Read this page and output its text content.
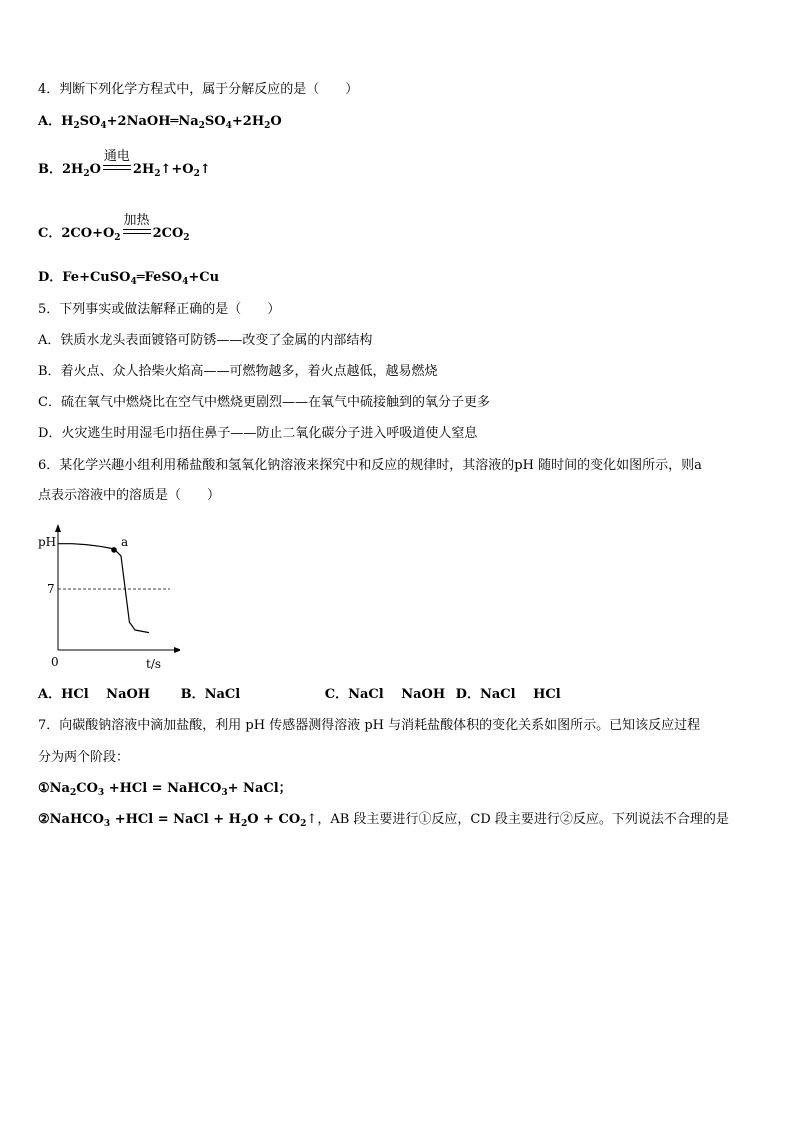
4．判断下列化学方程式中，属于分解反应的是（　　）
A．$H_2SO_4+2NaOH═Na_2SO_4+2H_2O$
B．$2H_2O$
通电
$2H_2↑+O_2↑$
C．$2CO+O_2$
加热
$2CO_2$
D．Fe+CuSO$_4$═FeSO$_4$+Cu
5．下列事实或做法解释正确的是（　　）
A．铁质水龙头表面镀铬可防锈——改变了金属的内部结构
B．着火点、众人拾柴火焰高——可燃物越多，着火点越低，越易燃烧
C．硫在氧气中燃烧比在空气中燃烧更剧烈——在氧气中硫接触到的氧分子更多
D．火灾逃生时用湿毛巾捂住鼻子——防止二氧化碳分子进入呼吸道使人窒息
6．某化学兴趣小组利用稀盐酸和氢氧化钠溶液来探究中和反应的规律时，其溶液的pH 随时间的变化如图所示，则a
点表示溶液中的溶质是（　　）
pH
t/s
0
7
a
A．HCl　 NaOH B．NaCl	C．NaCl　 NaOH D．NaCl　 HCl
7．向碳酸钠溶液中滴加盐酸，利用 pH 传感器测得溶液 pH 与消耗盐酸体积的变化关系如图所示。已知该反应过程
分为两个阶段：
$①Na_2CO_3 +HCl$ = NaHCO$_3$+ NaCl；
②NaHCO$_3$ +HCl = NaCl + $H_2O$ + $CO_2↑$，AB 段主要进行①反应，CD 段主要进行②反应。下列说法不合理的是
